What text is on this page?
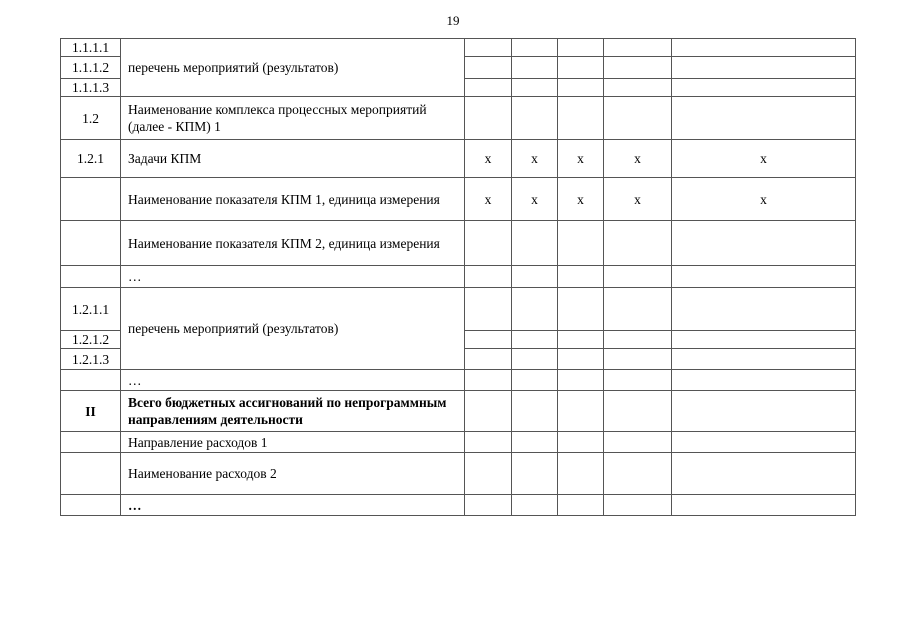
19
1.1.1.1	перечень мероприятий (результатов)					
1.1.1.2						
1.1.1.3						
1.2	Наименование комплекса процессных мероприятий (далее - КПМ) 1					
1.2.1	Задачи КПМ	x	x	x	x	x
	Наименование показателя КПМ 1, единица измерения	x	x	x	x	x
	Наименование показателя КПМ 2, единица измерения					
	…					
1.2.1.1	перечень мероприятий (результатов)					
1.2.1.2						
1.2.1.3						
	…					
II	Всего бюджетных ассигнований по непрограммным направлениям деятельности					
	Направление расходов 1					
	Наименование расходов 2					
	…					
